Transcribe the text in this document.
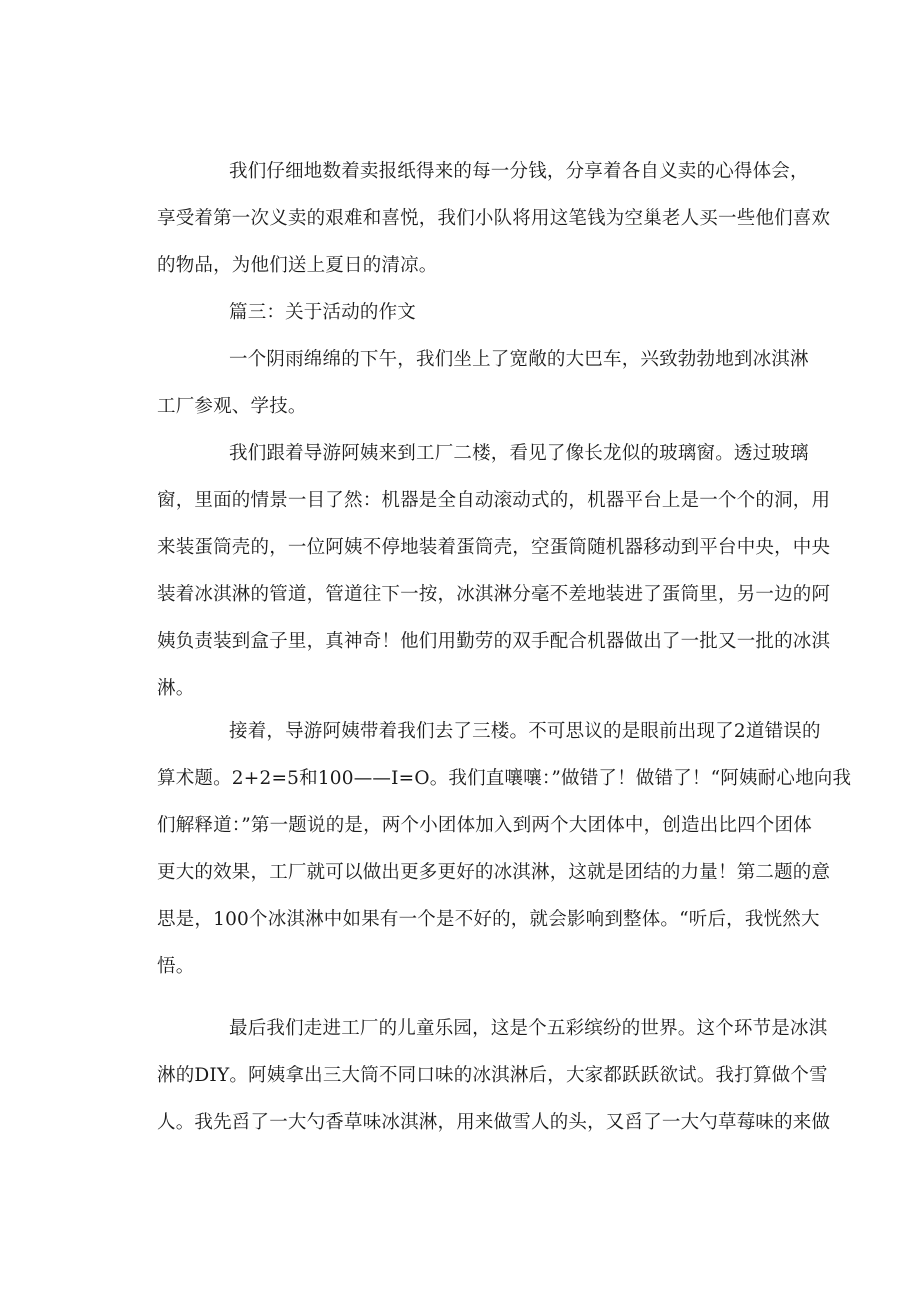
我们仔细地数着卖报纸得来的每一分钱，分享着各自义卖的心得体会，
享受着第一次义卖的艰难和喜悦，我们小队将用这笔钱为空巢老人买一些他们喜欢
的物品，为他们送上夏日的清凉。
篇三：关于活动的作文
一个阴雨绵绵的下午，我们坐上了宽敞的大巴车，兴致勃勃地到冰淇淋
工厂参观、学技。
我们跟着导游阿姨来到工厂二楼，看见了像长龙似的玻璃窗。透过玻璃
窗，里面的情景一目了然：机器是全自动滚动式的，机器平台上是一个个的洞，用
来装蛋筒壳的，一位阿姨不停地装着蛋筒壳，空蛋筒随机器移动到平台中央，中央
装着冰淇淋的管道，管道往下一按，冰淇淋分毫不差地装进了蛋筒里，另一边的阿
姨负责装到盒子里，真神奇！他们用勤劳的双手配合机器做出了一批又一批的冰淇
淋。
接着，导游阿姨带着我们去了三楼。不可思议的是眼前出现了2道错误的
算术题。2+2=5和100——I=O。我们直嚷嚷：”做错了！做错了！“阿姨耐心地向我
们解释道：”第一题说的是，两个小团体加入到两个大团体中，创造出比四个团体
更大的效果，工厂就可以做出更多更好的冰淇淋，这就是团结的力量！第二题的意
思是，100个冰淇淋中如果有一个是不好的，就会影响到整体。“听后，我恍然大
悟。
最后我们走进工厂的儿童乐园，这是个五彩缤纷的世界。这个环节是冰淇
淋的DIY。阿姨拿出三大筒不同口味的冰淇淋后，大家都跃跃欲试。我打算做个雪
人。我先舀了一大勺香草味冰淇淋，用来做雪人的头，又舀了一大勺草莓味的来做
